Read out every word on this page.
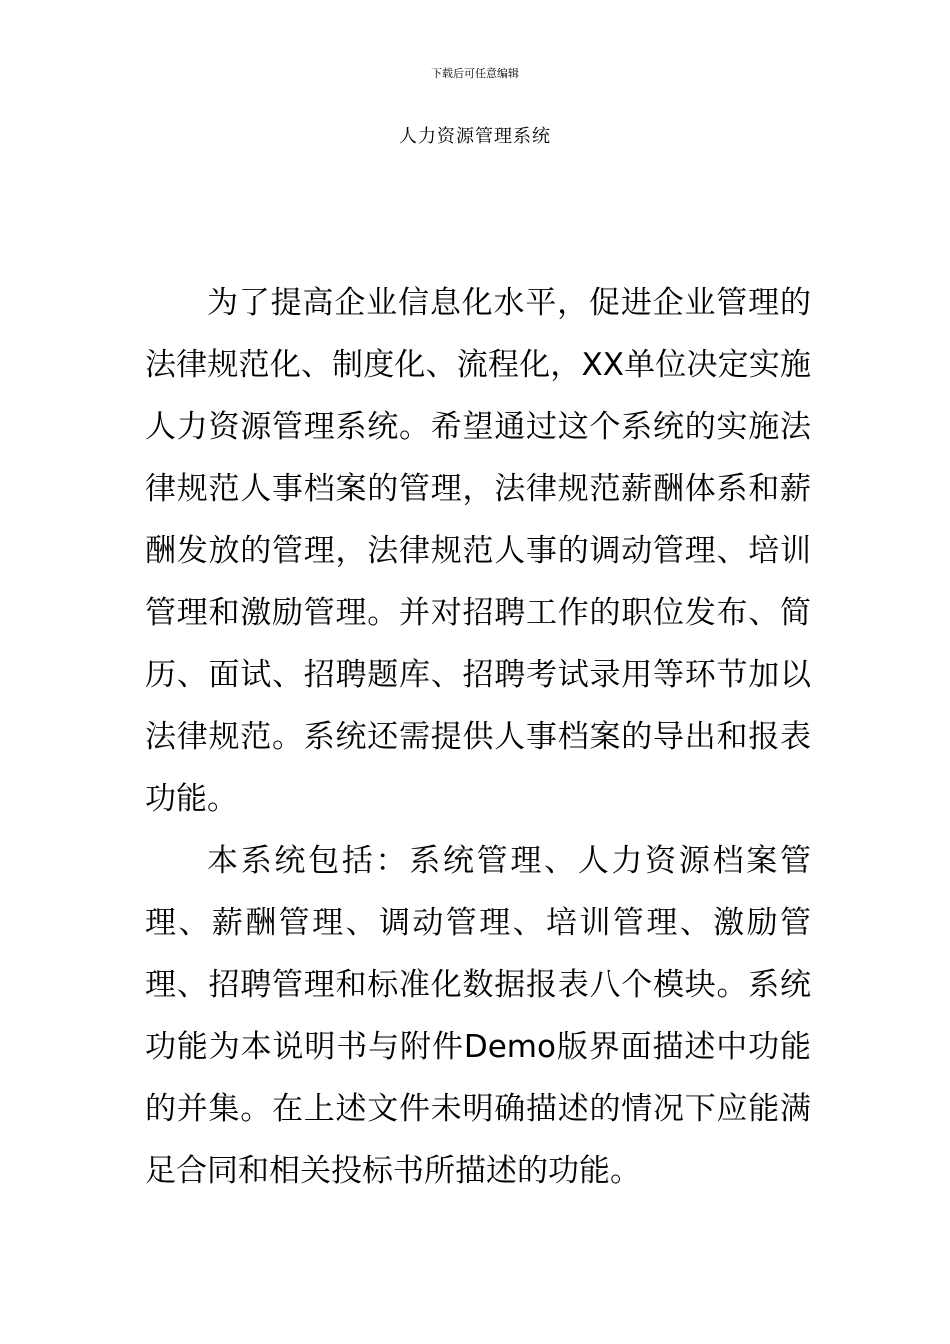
下载后可任意编辑
人力资源管理系统

为了提高企业信息化水平，促进企业管理的法律规范化、制度化、流程化，XX单位决定实施人力资源管理系统。希望通过这个系统的实施法律规范人事档案的管理，法律规范薪酬体系和薪酬发放的管理，法律规范人事的调动管理、培训管理和激励管理。并对招聘工作的职位发布、简历、面试、招聘题库、招聘考试录用等环节加以法律规范。系统还需提供人事档案的导出和报表功能。

本系统包括：系统管理、人力资源档案管理、薪酬管理、调动管理、培训管理、激励管理、招聘管理和标准化数据报表八个模块。系统功能为本说明书与附件Demo版界面描述中功能的并集。在上述文件未明确描述的情况下应能满足合同和相关投标书所描述的功能。
